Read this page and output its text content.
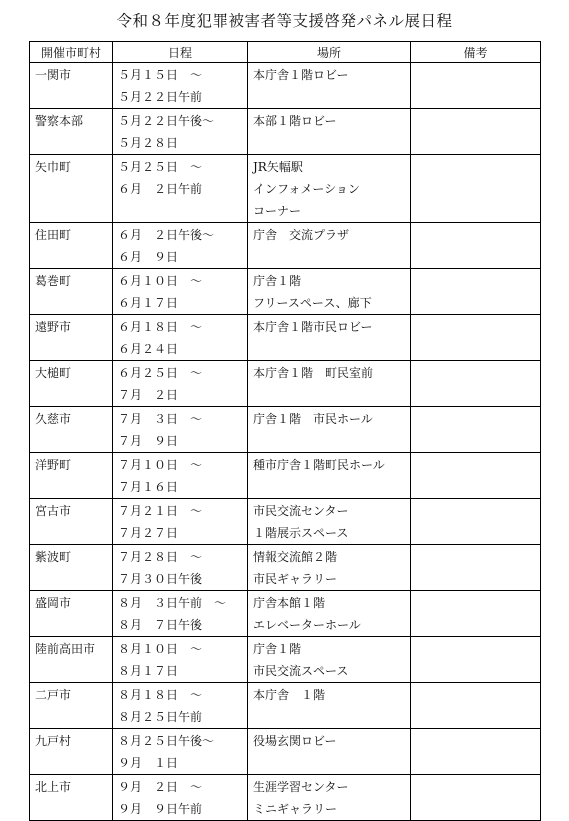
令和８年度犯罪被害者等支援啓発パネル展日程
開催市町村	日程	場所	備考

一関市	５月１５日　～
５月２２日午前	本庁舎１階ロビー	

警察本部	５月２２日午後～
５月２８日	本部１階ロビー	

矢巾町	５月２５日　～
６月　２日午前	JR矢幅駅
インフォメーション
コーナー	

住田町	６月　２日午後～
６月　９日	庁舎　交流プラザ	

葛巻町	６月１０日　～
６月１７日	庁舎１階
フリースペース、廊下	

遠野市	６月１８日　～
６月２４日	本庁舎１階市民ロビー	

大槌町	６月２５日　～
７月　２日	本庁舎１階　町民室前	

久慈市	７月　３日　～
７月　９日	庁舎１階　市民ホール	

洋野町	７月１０日　～
７月１６日	種市庁舎１階町民ホール	

宮古市	７月２１日　～
７月２７日	市民交流センター
１階展示スペース	

紫波町	７月２８日　～
７月３０日午後	情報交流館２階
市民ギャラリー	

盛岡市	８月　３日午前　～
８月　７日午後	庁舎本館１階
エレベーターホール	

陸前高田市	８月１０日　～
８月１７日	庁舎１階
市民交流スペース	

二戸市	８月１８日　～
８月２５日午前	本庁舎　１階	

九戸村	８月２５日午後～
９月　１日	役場玄関ロビー	

北上市	９月　２日　～
９月　９日午前	生涯学習センター
ミニギャラリー	
